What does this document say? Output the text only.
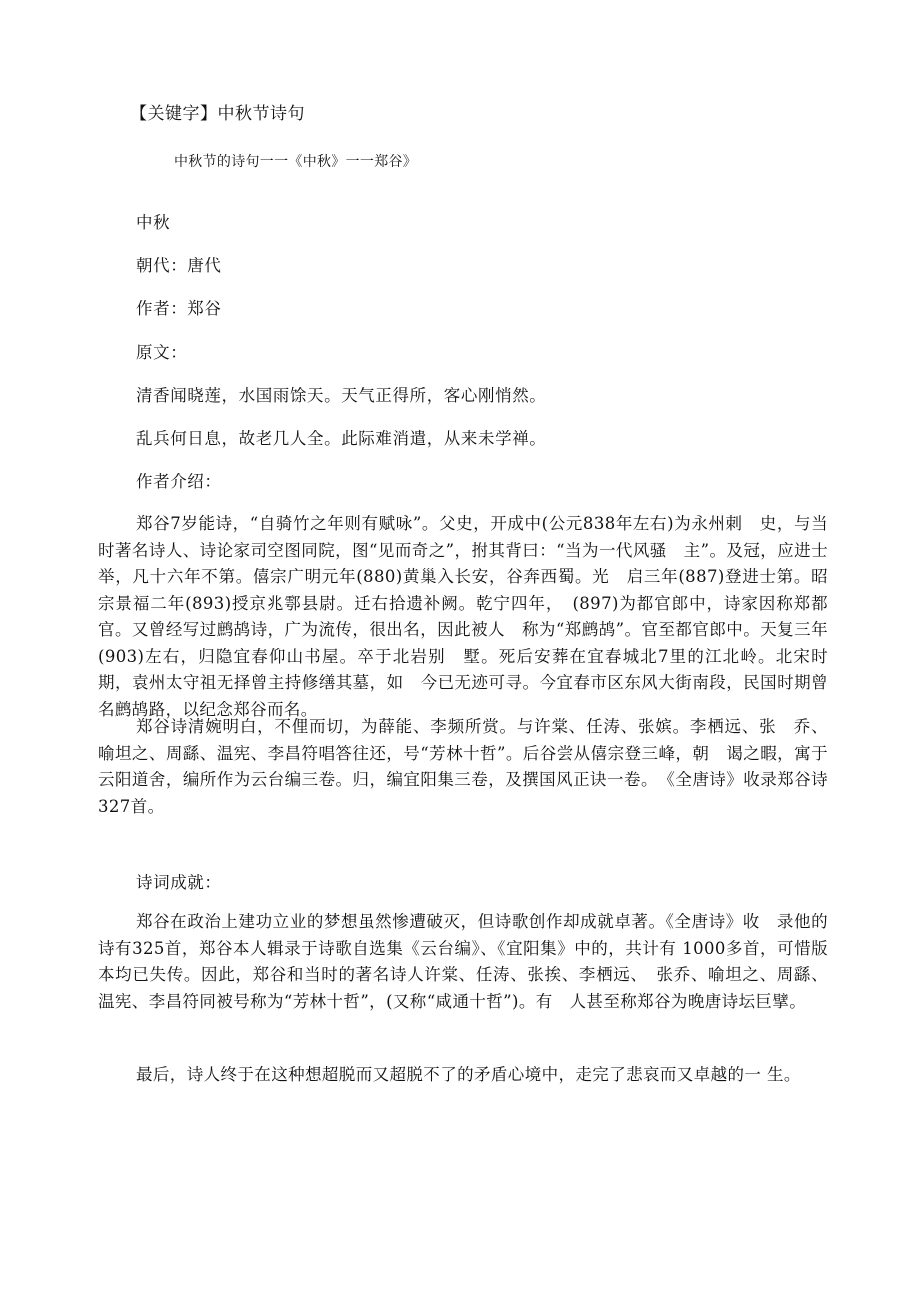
【关键字】中秋节诗句
中秋节的诗句一一《中秋》一一郑谷》
中秋
朝代：唐代
作者：郑谷
原文：
清香闻晓莲，水国雨馀天。天气正得所，客心刚悄然。
乱兵何日息，故老几人全。此际难消遣，从来未学禅。
作者介绍：
郑谷7岁能诗，“自骑竹之年则有赋咏”。父史，开成中(公元838年左右)为永州刺　史，与当时著名诗人、诗论家司空图同院，图“见而奇之”，拊其背曰：“当为一代风骚　主”。及冠，应进士举，凡十六年不第。僖宗广明元年(880)黄巢入长安，谷奔西蜀。光　启三年(887)登进士第。昭宗景福二年(893)授京兆鄠县尉。迁右拾遗补阙。乾宁四年，　(897)为都官郎中，诗家因称郑都官。又曾经写过鹧鸪诗，广为流传，很出名，因此被人　称为“郑鹧鸪”。官至都官郎中。天复三年(903)左右，归隐宜春仰山书屋。卒于北岩别　墅。死后安葬在宜春城北7里的江北岭。北宋时期，袁州太守祖无择曾主持修缮其墓，如　今已无迹可寻。今宜春市区东风大街南段，民国时期曾名鹧鸪路，以纪念郑谷而名。
郑谷诗清婉明白，不俚而切，为薛能、李频所赏。与许棠、任涛、张嫔。李栖远、张　乔、喻坦之、周繇、温宪、李昌符唱答往还，号“芳林十哲”。后谷尝从僖宗登三峰，朝　谒之暇，寓于云阳道舍，编所作为云台编三卷。归，编宜阳集三卷，及撰国风正诀一卷。　《全唐诗》收录郑谷诗327首。
诗词成就：
郑谷在政治上建功立业的梦想虽然惨遭破灭，但诗歌创作却成就卓著。《全唐诗》收　录他的诗有325首，郑谷本人辑录于诗歌自选集《云台编》、《宜阳集》中的，共计有 1000多首，可惜版本均已失传。因此，郑谷和当时的著名诗人许棠、任涛、张挨、李栖远、　张乔、喻坦之、周繇、温宪、李昌符同被号称为“芳林十哲”，(又称“咸通十哲”)。有　人甚至称郑谷为晚唐诗坛巨擘。
最后，诗人终于在这种想超脱而又超脱不了的矛盾心境中，走完了悲哀而又卓越的一 生。
